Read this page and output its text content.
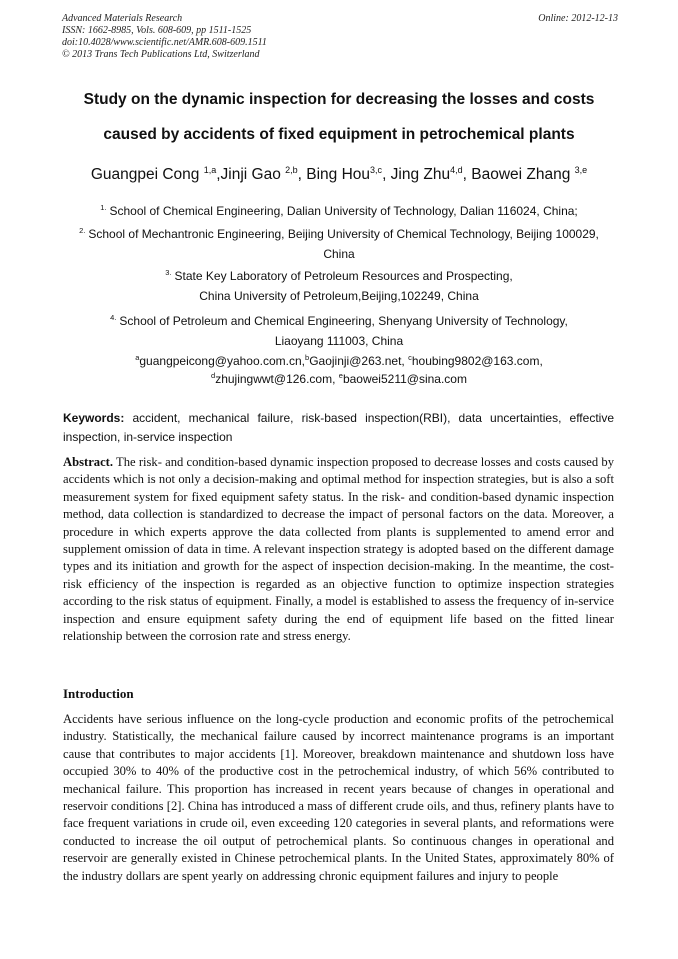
Advanced Materials Research
ISSN: 1662-8985, Vols. 608-609, pp 1511-1525
doi:10.4028/www.scientific.net/AMR.608-609.1511
© 2013 Trans Tech Publications Ltd, Switzerland
Online: 2012-12-13
Study on the dynamic inspection for decreasing the losses and costs
caused by accidents of fixed equipment in petrochemical plants
Guangpei Cong $^{1,a}$,Jinji Gao $^{2,b}$, Bing Hou$^{3,c}$, Jing Zhu$^{4,d}$, Baowei Zhang $^{3,e}$
$^{1.}$ School of Chemical Engineering, Dalian University of Technology, Dalian 116024, China;
$^{2.}$ School of Mechantronic Engineering, Beijing University of Chemical Technology, Beijing 100029,
China
$^{3.}$ State Key Laboratory of Petroleum Resources and Prospecting,
China University of Petroleum,Beijing,102249, China
$^{4.}$ School of Petroleum and Chemical Engineering, Shenyang University of Technology,
Liaoyang 111003, China
$^a$guangpeicong@yahoo.com.cn,$^b$Gaojinji@263.net, $^c$houbing9802@163.com,
$^d$zhujingwwt@126.com, $^e$baowei5211@sina.com
Keywords: accident, mechanical failure, risk-based inspection(RBI), data uncertainties, effective inspection, in-service inspection
Abstract. The risk- and condition-based dynamic inspection proposed to decrease losses and costs caused by accidents which is not only a decision-making and optimal method for inspection strategies, but is also a soft measurement system for fixed equipment safety status. In the risk- and condition-based dynamic inspection method, data collection is standardized to decrease the impact of personal factors on the data. Moreover, a procedure in which experts approve the data collected from plants is supplemented to amend error and supplement omission of data in time. A relevant inspection strategy is adopted based on the different damage types and its initiation and growth for the aspect of inspection decision-making. In the meantime, the cost-risk efficiency of the inspection is regarded as an objective function to optimize inspection strategies according to the risk status of equipment. Finally, a model is established to assess the frequency of in-service inspection and ensure equipment safety during the end of equipment life based on the fitted linear relationship between the corrosion rate and stress energy.
Introduction
Accidents have serious influence on the long-cycle production and economic profits of the petrochemical industry. Statistically, the mechanical failure caused by incorrect maintenance programs is an important cause that contributes to major accidents [1]. Moreover, breakdown maintenance and shutdown loss have occupied 30% to 40% of the productive cost in the petrochemical industry, of which 56% contributed to mechanical failure. This proportion has increased in recent years because of changes in operational and reservoir conditions [2]. China has introduced a mass of different crude oils, and thus, refinery plants have to face frequent variations in crude oil, even exceeding 120 categories in several plants, and reformations were conducted to increase the oil output of petrochemical plants. So continuous changes in operational and reservoir are generally existed in Chinese petrochemical plants. In the United States, approximately 80% of the industry dollars are spent yearly on addressing chronic equipment failures and injury to people
